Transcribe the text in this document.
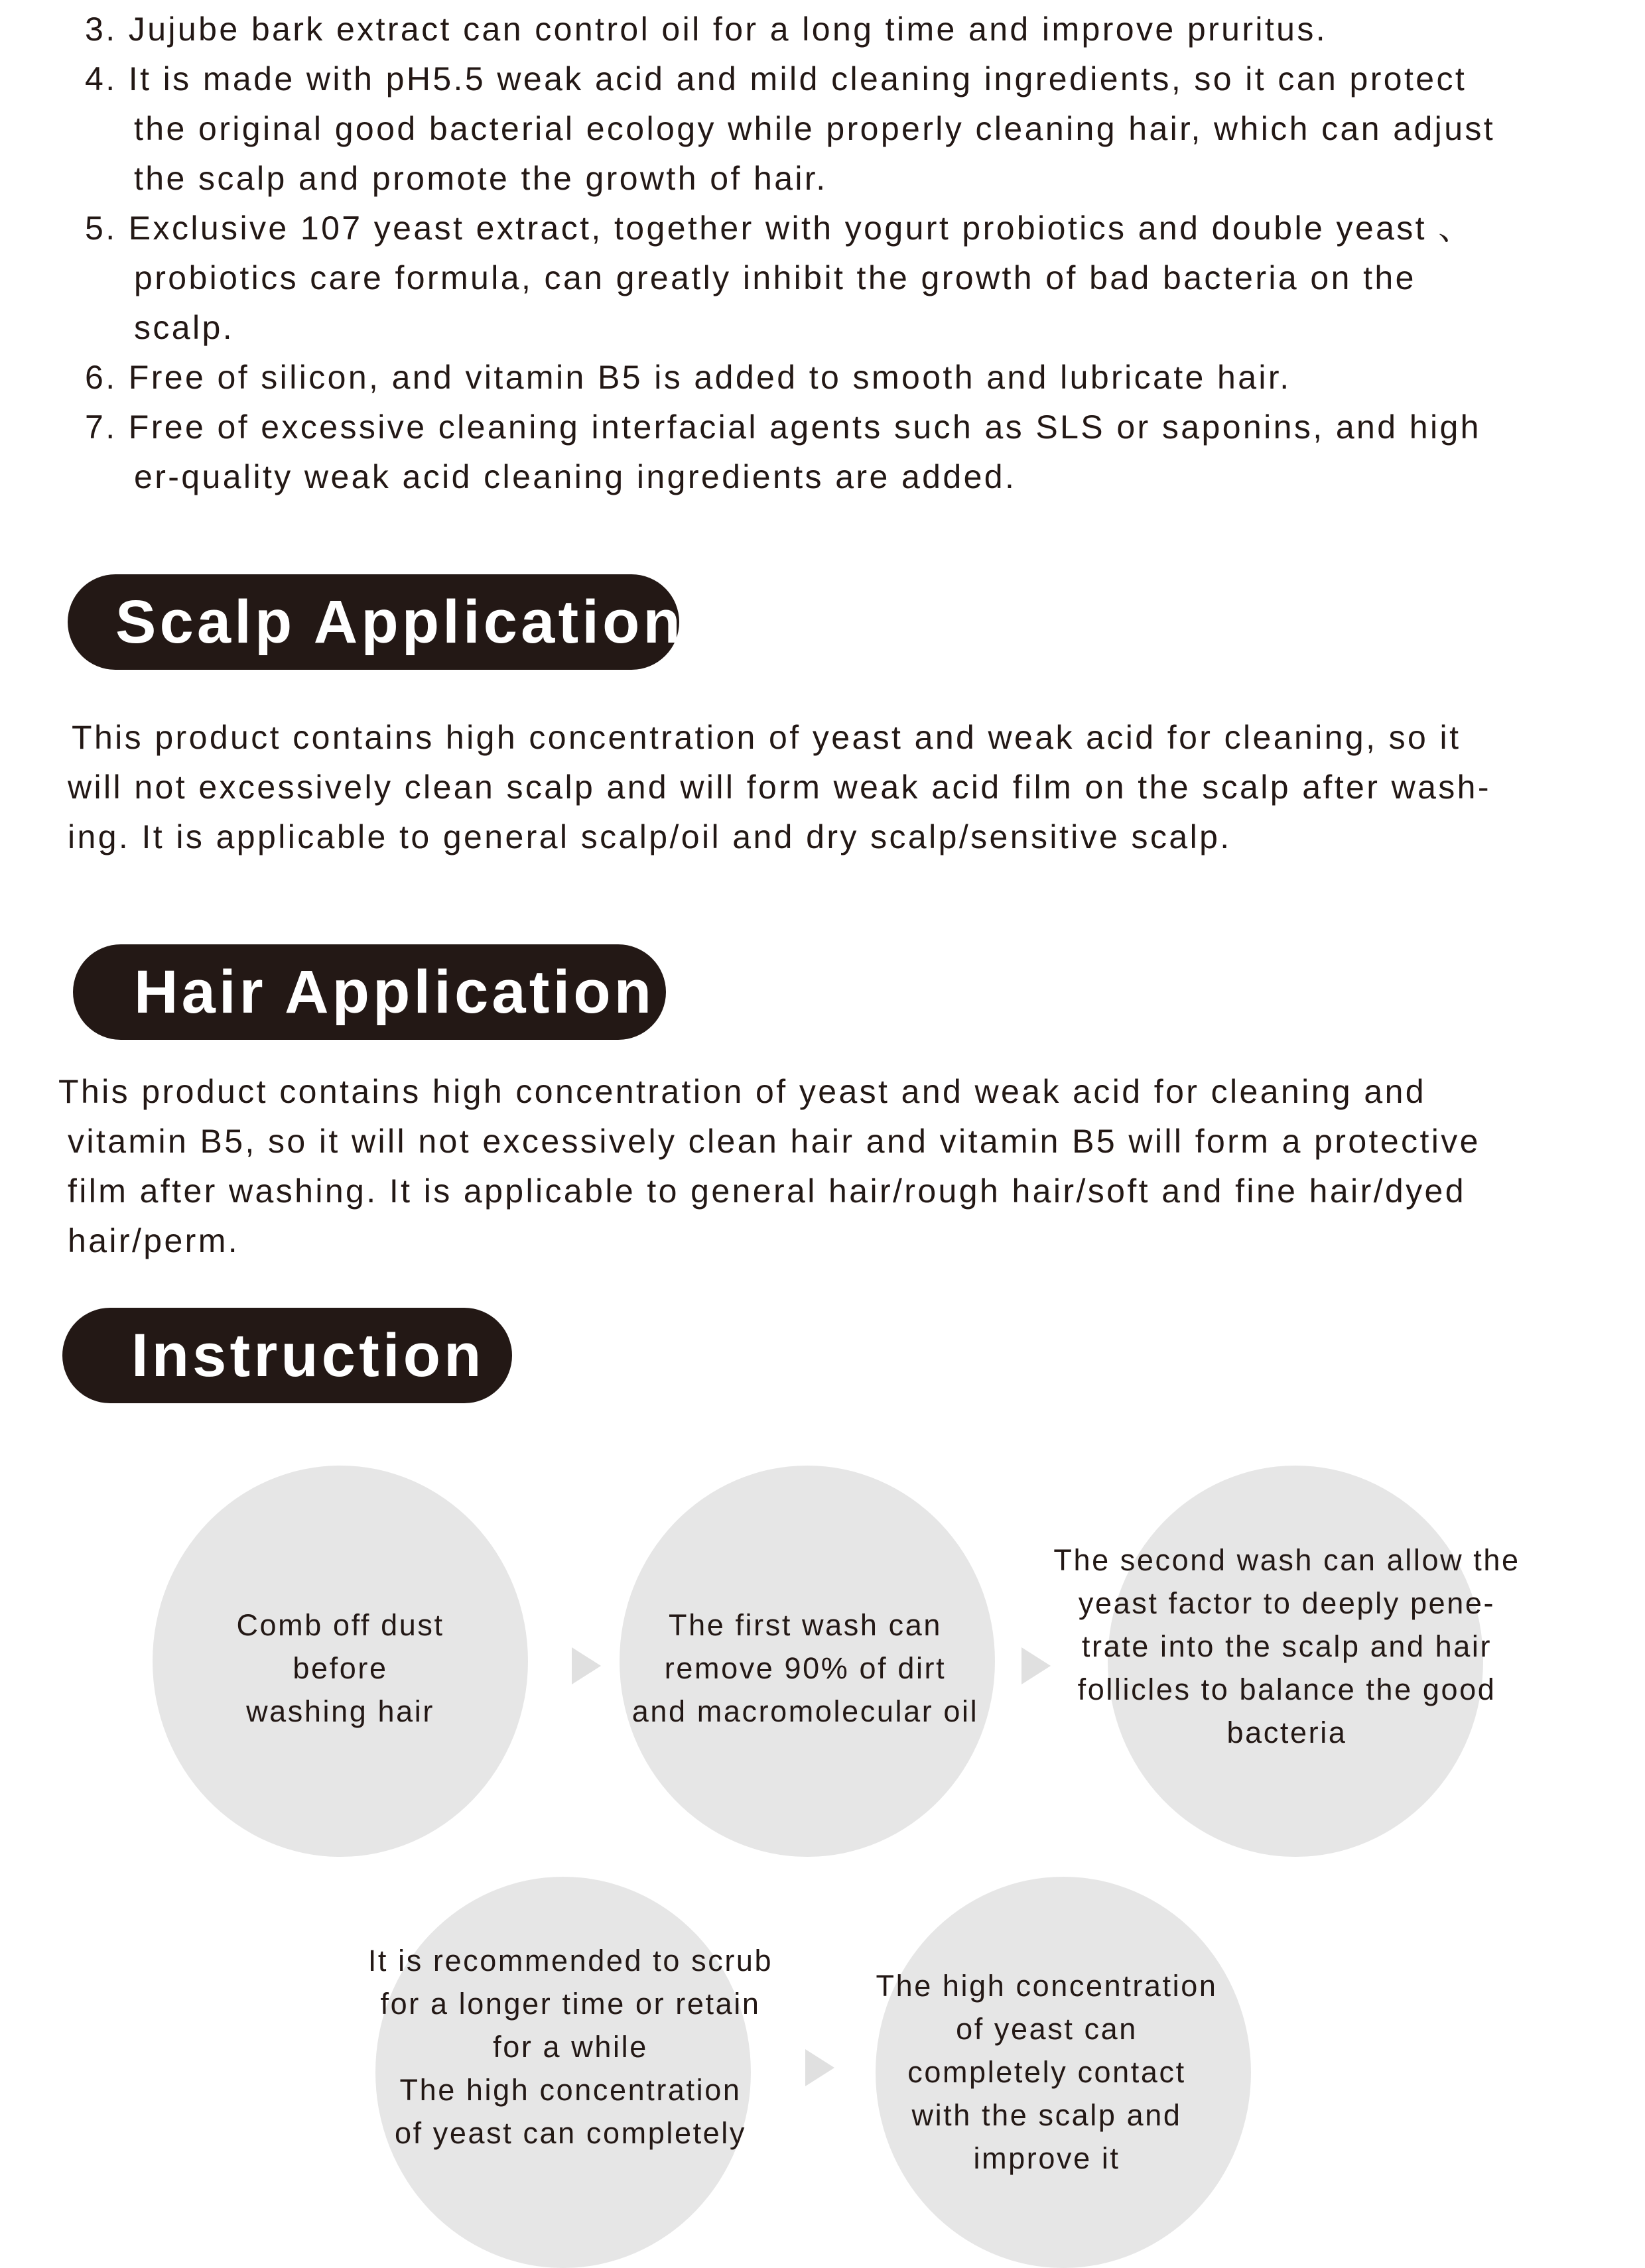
3. Jujube bark extract can control oil for a long time and improve pruritus.
4. It is made with pH5.5 weak acid and mild cleaning ingredients, so it can protect
the original good bacterial ecology while properly cleaning hair, which can adjust
the scalp and promote the growth of hair.
5. Exclusive 107 yeast extract, together with yogurt probiotics and double yeast 、
probiotics care formula, can greatly inhibit the growth of bad bacteria on the
scalp.
6. Free of silicon, and vitamin B5 is added to smooth and lubricate hair.
7. Free of excessive cleaning interfacial agents such as SLS or saponins, and high
er-quality weak acid cleaning ingredients are added.
Scalp Application
This product contains high concentration of yeast and weak acid for cleaning, so it
will not excessively clean scalp and will form weak acid film on the scalp after wash-
ing. It is applicable to general scalp/oil and dry scalp/sensitive scalp.
Hair Application
This product contains high concentration of yeast and weak acid for cleaning and
vitamin B5, so it will not excessively clean hair and vitamin B5 will form a protective
film after washing. It is applicable to general hair/rough hair/soft and fine hair/dyed
hair/perm.
Instruction
Comb off dust
before
washing hair
The first wash can
remove 90% of dirt
and macromolecular oil
The second wash can allow the
yeast factor to deeply pene-
trate into the scalp and hair
follicles to balance the good
bacteria
It is recommended to scrub
for a longer time or retain
for a while
The high concentration
of yeast can completely
The high concentration
of yeast can
completely contact
with the scalp and
improve it
